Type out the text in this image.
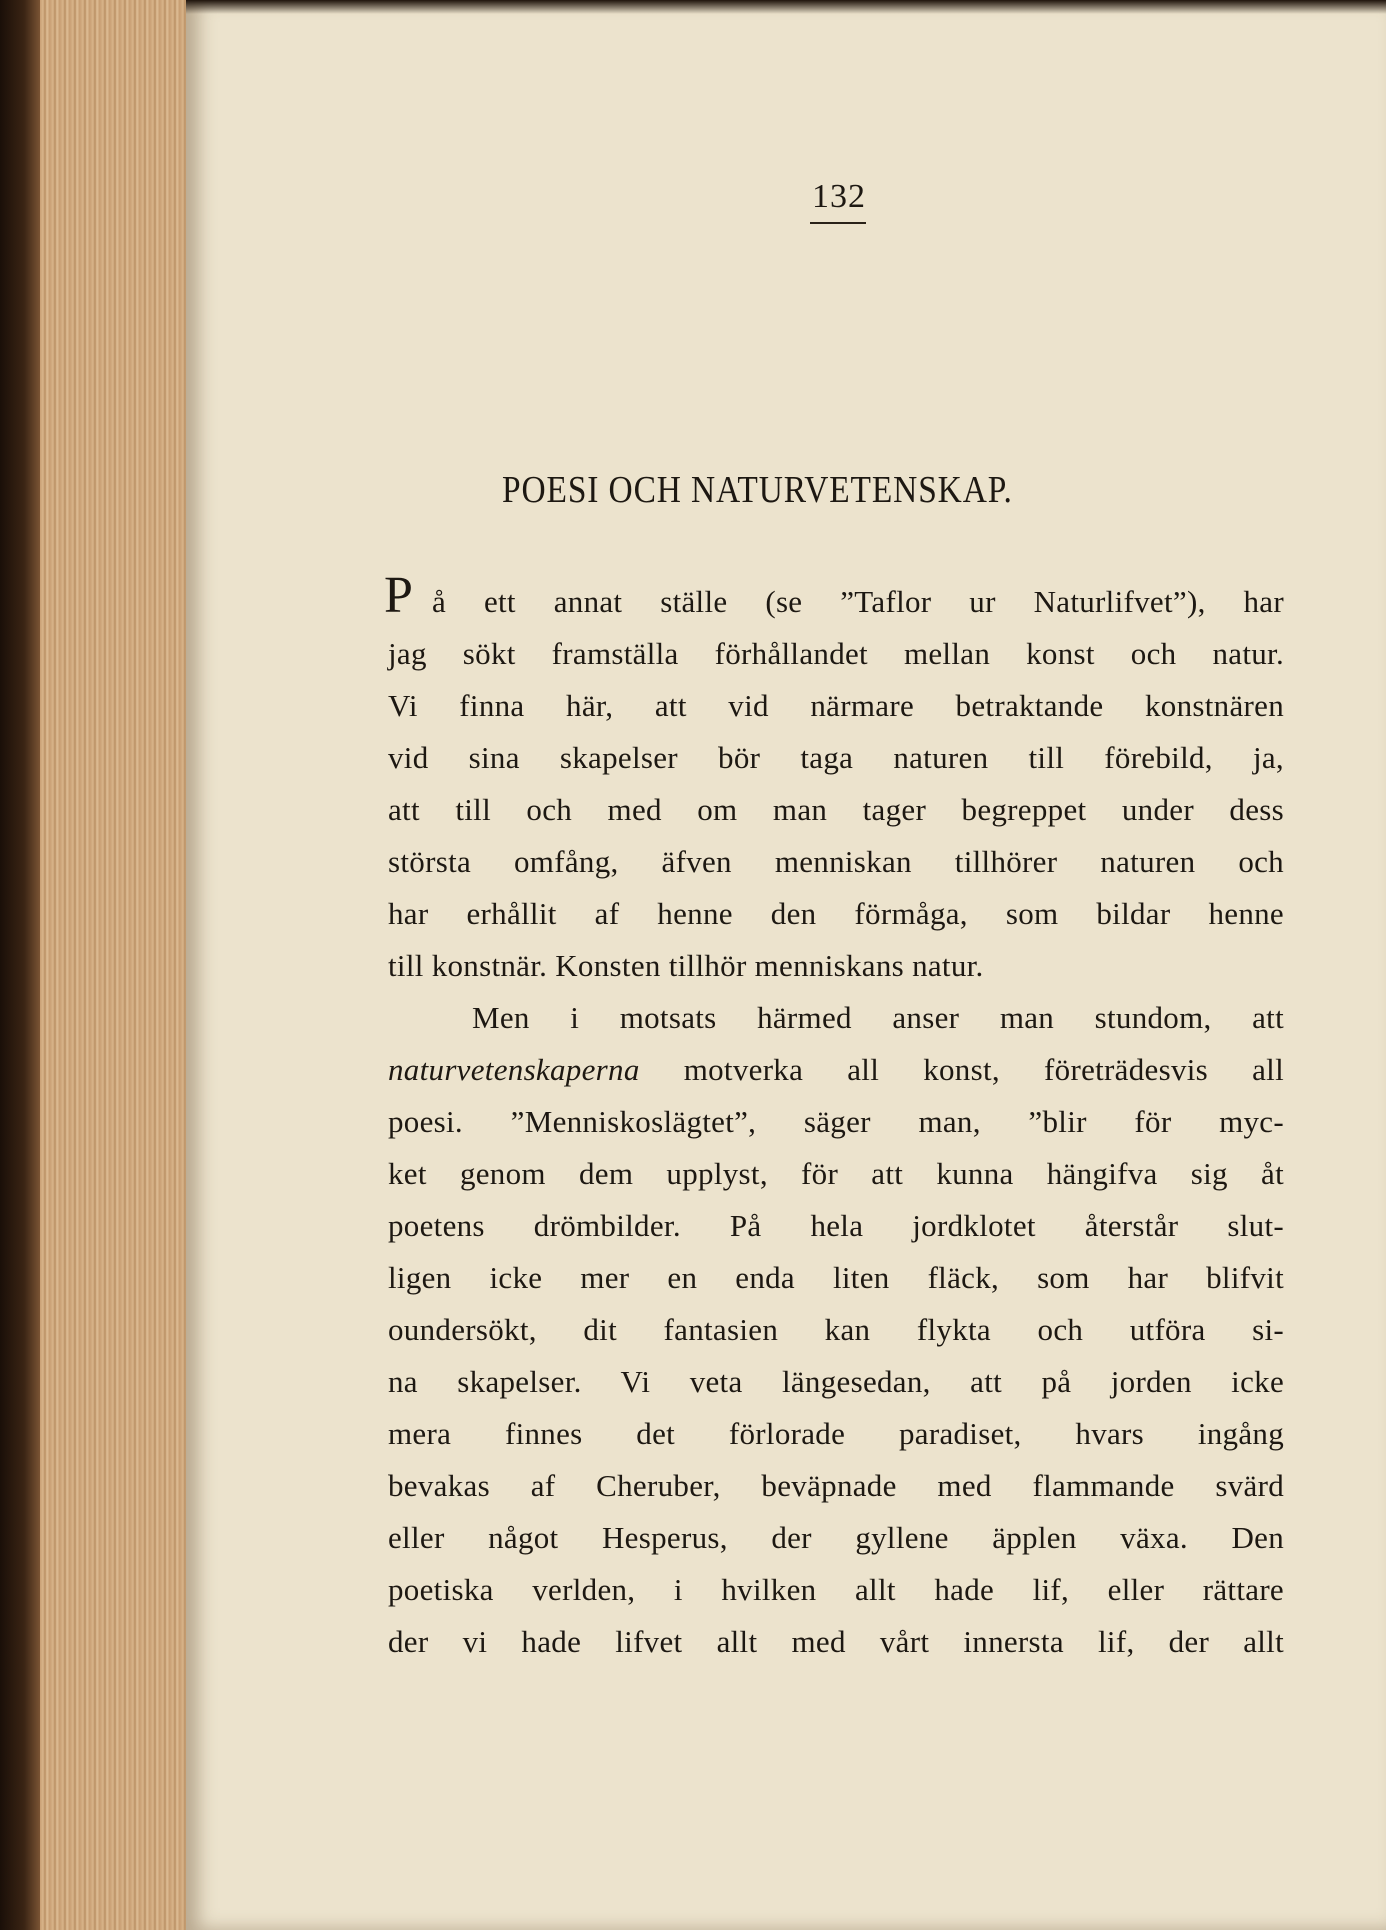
132
POESI OCH NATURVETENSKAP.
P å ett annat ställe (se ”Taflor ur Naturlifvet”), har
jag sökt framställa förhållandet mellan konst och natur.
Vi finna här, att vid närmare betraktande konstnären
vid sina skapelser bör taga naturen till förebild, ja,
att till och med om man tager begreppet under dess
största omfång, äfven menniskan tillhörer naturen och
har erhållit af henne den förmåga, som bildar henne
till konstnär. Konsten tillhör menniskans natur.
Men i motsats härmed anser man stundom, att
naturvetenskaperna motverka all konst, företrädesvis all
poesi. ”Menniskoslägtet”, säger man, ”blir för myc-
ket genom dem upplyst, för att kunna hängifva sig åt
poetens drömbilder. På hela jordklotet återstår slut-
ligen icke mer en enda liten fläck, som har blifvit
oundersökt, dit fantasien kan flykta och utföra si-
na skapelser. Vi veta längesedan, att på jorden icke
mera finnes det förlorade paradiset, hvars ingång
bevakas af Cheruber, beväpnade med flammande svärd
eller något Hesperus, der gyllene äpplen växa. Den
poetiska verlden, i hvilken allt hade lif, eller rättare
der vi hade lifvet allt med vårt innersta lif, der allt
